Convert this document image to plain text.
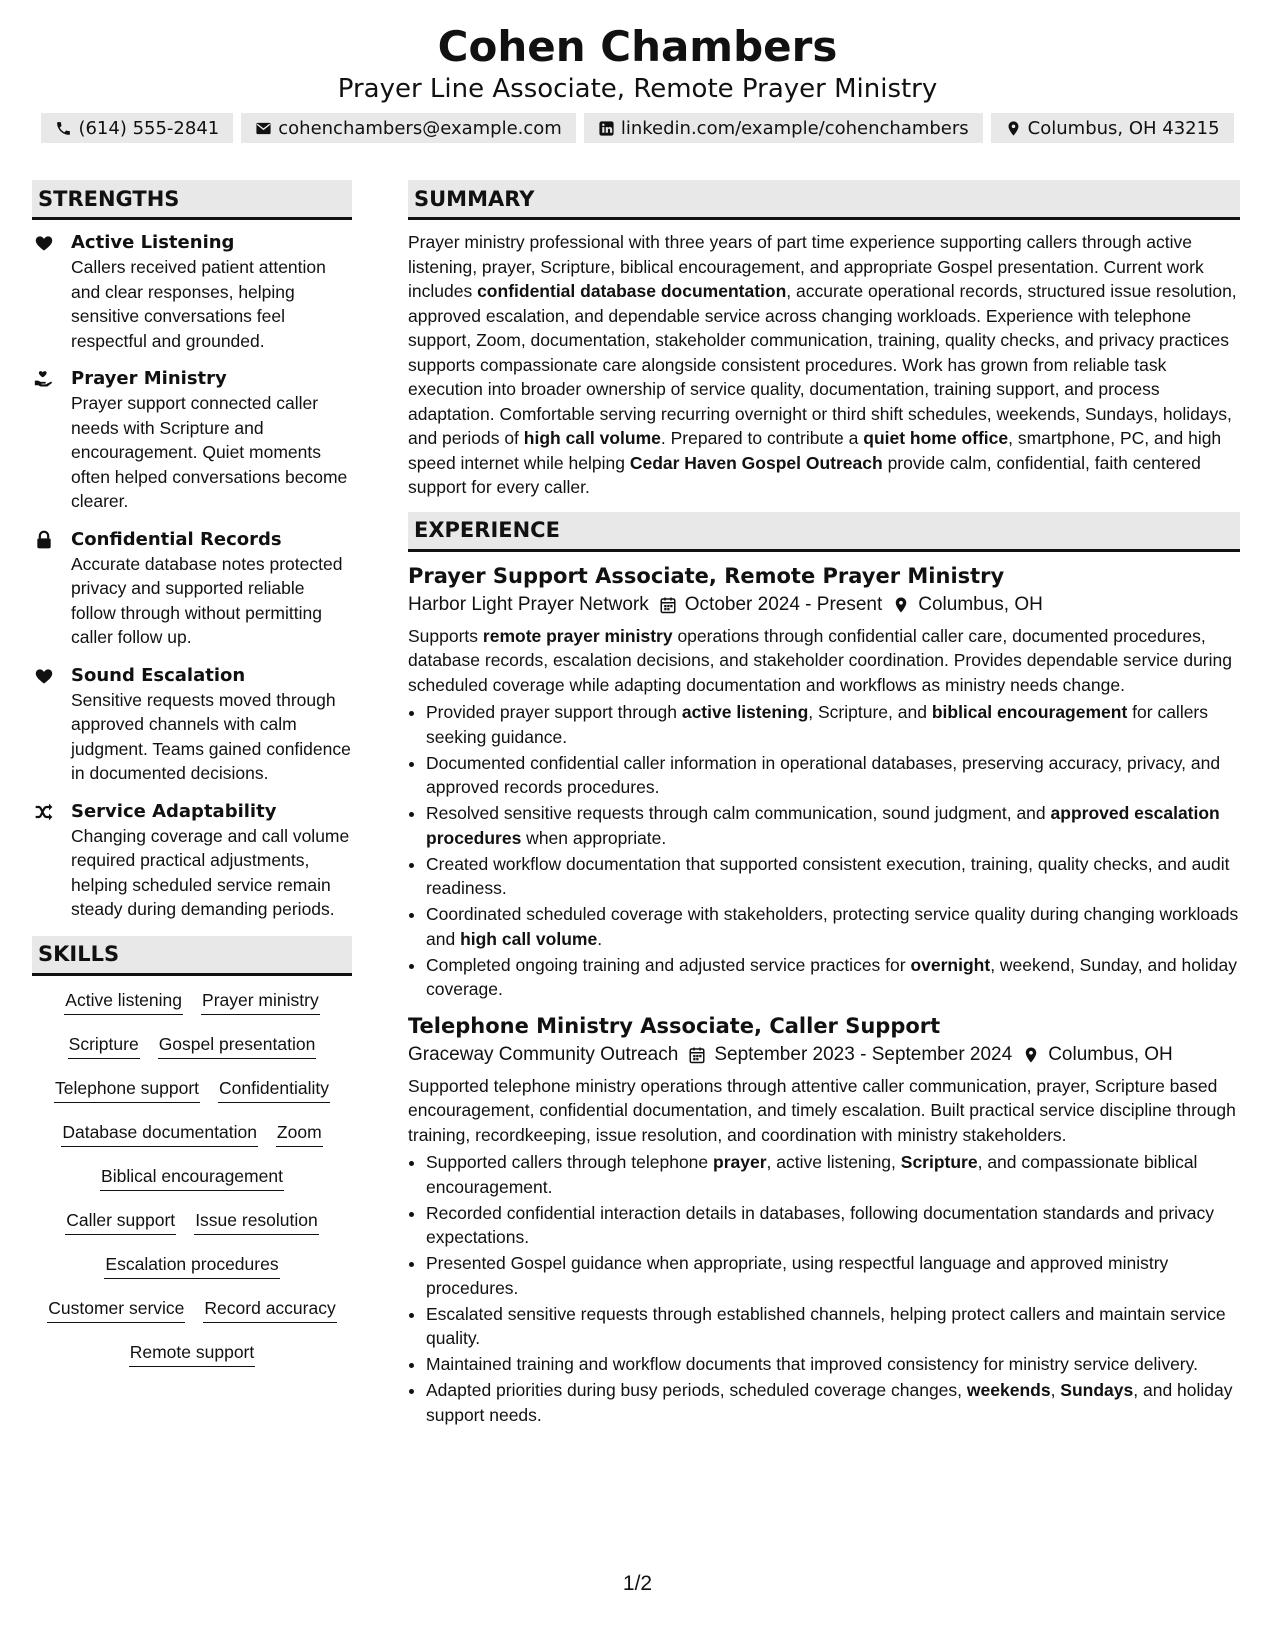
Cohen Chambers
Prayer Line Associate, Remote Prayer Ministry
(614) 555-2841	cohenchambers@example.com	linkedin.com/example/cohenchambers	Columbus, OH 43215
STRENGTHS
Active Listening
Callers received patient attention and clear responses, helping sensitive conversations feel respectful and grounded.
Prayer Ministry
Prayer support connected caller needs with Scripture and encouragement. Quiet moments often helped conversations become clearer.
Confidential Records
Accurate database notes protected privacy and supported reliable follow through without permitting caller follow up.
Sound Escalation
Sensitive requests moved through approved channels with calm judgment. Teams gained confidence in documented decisions.
Service Adaptability
Changing coverage and call volume required practical adjustments, helping scheduled service remain steady during demanding periods.
SKILLS
Active listening Prayer ministry
Scripture Gospel presentation
Telephone support Confidentiality
Database documentation Zoom
Biblical encouragement
Caller support Issue resolution
Escalation procedures
Customer service Record accuracy
Remote support
SUMMARY
Prayer ministry professional with three years of part time experience supporting callers through active listening, prayer, Scripture, biblical encouragement, and appropriate Gospel presentation. Current work includes confidential database documentation, accurate operational records, structured issue resolution, approved escalation, and dependable service across changing workloads. Experience with telephone support, Zoom, documentation, stakeholder communication, training, quality checks, and privacy practices supports compassionate care alongside consistent procedures. Work has grown from reliable task execution into broader ownership of service quality, documentation, training support, and process adaptation. Comfortable serving recurring overnight or third shift schedules, weekends, Sundays, holidays, and periods of high call volume. Prepared to contribute a quiet home office, smartphone, PC, and high speed internet while helping Cedar Haven Gospel Outreach provide calm, confidential, faith centered support for every caller.
EXPERIENCE
Prayer Support Associate, Remote Prayer Ministry
Harbor Light Prayer Network October 2024 - Present Columbus, OH
Supports remote prayer ministry operations through confidential caller care, documented procedures, database records, escalation decisions, and stakeholder coordination. Provides dependable service during scheduled coverage while adapting documentation and workflows as ministry needs change.
• Provided prayer support through active listening, Scripture, and biblical encouragement for callers seeking guidance.
• Documented confidential caller information in operational databases, preserving accuracy, privacy, and approved records procedures.
• Resolved sensitive requests through calm communication, sound judgment, and approved escalation procedures when appropriate.
• Created workflow documentation that supported consistent execution, training, quality checks, and audit readiness.
• Coordinated scheduled coverage with stakeholders, protecting service quality during changing workloads and high call volume.
• Completed ongoing training and adjusted service practices for overnight, weekend, Sunday, and holiday coverage.
Telephone Ministry Associate, Caller Support
Graceway Community Outreach September 2023 - September 2024 Columbus, OH
Supported telephone ministry operations through attentive caller communication, prayer, Scripture based encouragement, confidential documentation, and timely escalation. Built practical service discipline through training, recordkeeping, issue resolution, and coordination with ministry stakeholders.
• Supported callers through telephone prayer, active listening, Scripture, and compassionate biblical encouragement.
• Recorded confidential interaction details in databases, following documentation standards and privacy expectations.
• Presented Gospel guidance when appropriate, using respectful language and approved ministry procedures.
• Escalated sensitive requests through established channels, helping protect callers and maintain service quality.
• Maintained training and workflow documents that improved consistency for ministry service delivery.
• Adapted priorities during busy periods, scheduled coverage changes, weekends, Sundays, and holiday support needs.
1/2
